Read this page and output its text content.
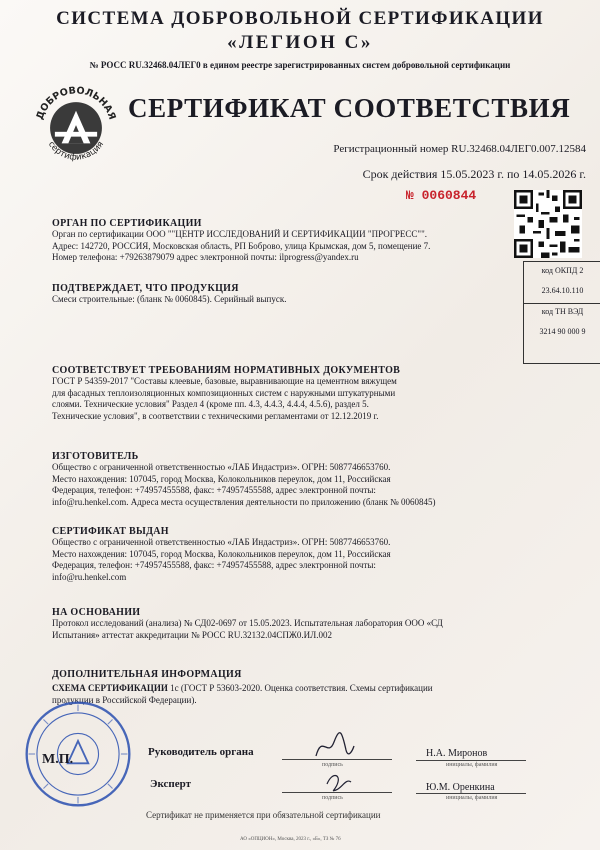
СИСТЕМА ДОБРОВОЛЬНОЙ СЕРТИФИКАЦИИ
«ЛЕГИОН С»
№ РОСС RU.32468.04ЛЕГ0 в едином реестре зарегистрированных систем добровольной сертификации
ДОБРОВОЛЬНАЯ
сертификация
СЕРТИФИКАТ СООТВЕТСТВИЯ
Регистрационный номер RU.32468.04ЛЕГ0.007.12584
Срок действия 15.05.2023 г. по 14.05.2026 г.
№ 0060844
код ОКПД 2
23.64.10.110
код ТН ВЭД
3214 90 000 9
ОРГАН ПО СЕРТИФИКАЦИИ
Орган по сертификации ООО ""ЦЕНТР ИССЛЕДОВАНИЙ И СЕРТИФИКАЦИИ "ПРОГРЕСС"".
Адрес: 142720, РОССИЯ, Московская область, РП Боброво, улица Крымская, дом 5, помещение 7.
Номер телефона: +79263879079 адрес электронной почты: ilprogress@yandex.ru
ПОДТВЕРЖДАЕТ, ЧТО ПРОДУКЦИЯ
Смеси строительные: (бланк № 0060845). Серийный выпуск.
СООТВЕТСТВУЕТ ТРЕБОВАНИЯМ НОРМАТИВНЫХ ДОКУМЕНТОВ
ГОСТ Р 54359-2017 "Составы клеевые, базовые, выравнивающие на цементном вяжущем
для фасадных теплоизоляционных композиционных систем с наружными штукатурными
слоями. Технические условия" Раздел 4 (кроме пп. 4.3, 4.4.3, 4.4.4, 4.5.6), раздел 5.
Технические условия", в соответствии с техническими регламентами от 12.12.2019 г.
ИЗГОТОВИТЕЛЬ
Общество с ограниченной ответственностью «ЛАБ Индастриз». ОГРН: 5087746653760.
Место нахождения: 107045, город Москва, Колокольников переулок, дом 11, Российская
Федерация, телефон: +74957455588, факс: +74957455588, адрес электронной почты:
info@ru.henkel.com. Адреса места осуществления деятельности по приложению (бланк № 0060845)
СЕРТИФИКАТ ВЫДАН
Общество с ограниченной ответственностью «ЛАБ Индастриз». ОГРН: 5087746653760.
Место нахождения: 107045, город Москва, Колокольников переулок, дом 11, Российская
Федерация, телефон: +74957455588, факс: +74957455588, адрес электронной почты:
info@ru.henkel.com
НА ОСНОВАНИИ
Протокол исследований (анализа) № СД02-0697 от 15.05.2023. Испытательная лаборатория ООО «СД
Испытания» аттестат аккредитации № РОСС RU.32132.04СПЖ0.ИЛ.002
ДОПОЛНИТЕЛЬНАЯ ИНФОРМАЦИЯ
СХЕМА СЕРТИФИКАЦИИ 1с (ГОСТ Р 53603-2020. Оценка соответствия. Схемы сертификации
продукции в Российской Федерации).
М.П.	Руководитель органа
подпись
Н.А. Миронов
инициалы, фамилия
Эксперт
подпись
Ю.М. Оренкина
инициалы, фамилия
Сертификат не применяется при обязательной сертификации
АО «ОПЦИОН», Москва, 2023 г., «Б», ТЗ № 76
